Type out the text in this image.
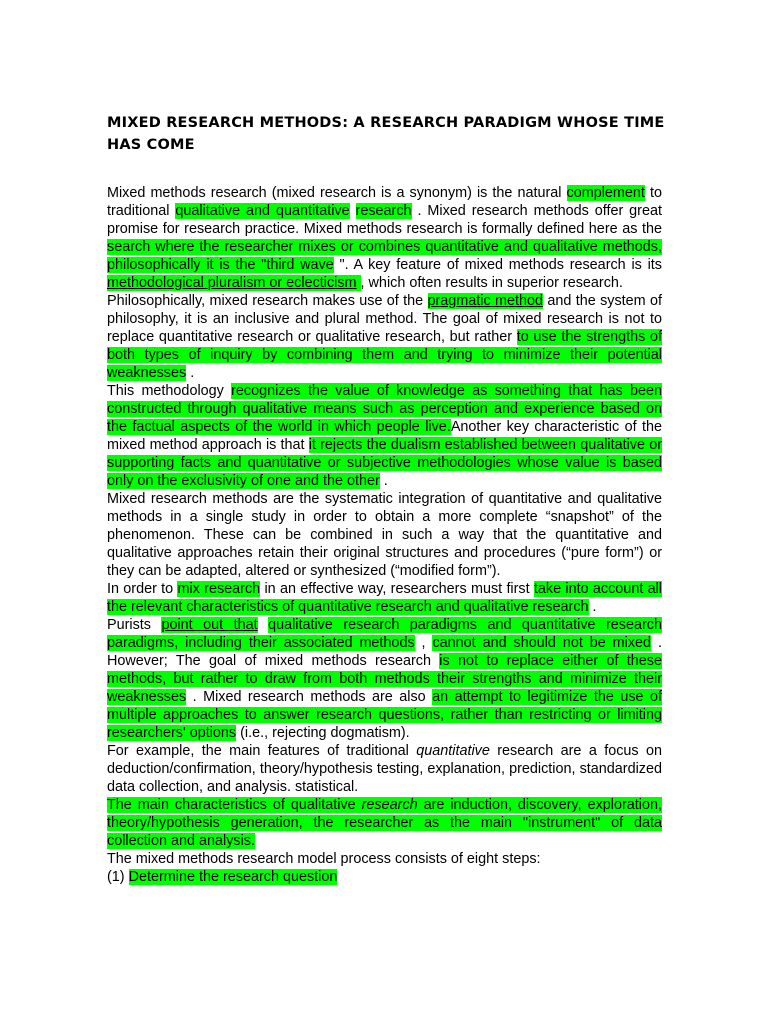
MIXED RESEARCH METHODS: A RESEARCH PARADIGM WHOSE TIME HAS COME

Mixed methods research (mixed research is a synonym) is the natural complement to traditional qualitative and quantitative research . Mixed research methods offer great promise for research practice. Mixed methods research is formally defined here as the search where the researcher mixes or combines quantitative and qualitative methods, philosophically it is the "third wave ". A key feature of mixed methods research is its methodological pluralism or eclecticism , which often results in superior research.

Philosophically, mixed research makes use of the pragmatic method and the system of philosophy, it is an inclusive and plural method. The goal of mixed research is not to replace quantitative research or qualitative research, but rather to use the strengths of both types of inquiry by combining them and trying to minimize their potential weaknesses .

This methodology recognizes the value of knowledge as something that has been constructed through qualitative means such as perception and experience based on the factual aspects of the world in which people live.Another key characteristic of the mixed method approach is that it rejects the dualism established between qualitative or supporting facts and quantitative or subjective methodologies whose value is based only on the exclusivity of one and the other .

Mixed research methods are the systematic integration of quantitative and qualitative methods in a single study in order to obtain a more complete “snapshot” of the phenomenon. These can be combined in such a way that the quantitative and qualitative approaches retain their original structures and procedures (“pure form”) or they can be adapted, altered or synthesized (“modified form”).

In order to mix research in an effective way, researchers must first take into account all the relevant characteristics of quantitative research and qualitative research .

Purists point out that qualitative research paradigms and quantitative research paradigms, including their associated methods , cannot and should not be mixed . However; The goal of mixed methods research is not to replace either of these methods, but rather to draw from both methods their strengths and minimize their weaknesses . Mixed research methods are also an attempt to legitimize the use of multiple approaches to answer research questions, rather than restricting or limiting researchers' options (i.e., rejecting dogmatism).

For example, the main features of traditional quantitative research are a focus on deduction/confirmation, theory/hypothesis testing, explanation, prediction, standardized data collection, and analysis. statistical.

The main characteristics of qualitative research are induction, discovery, exploration, theory/hypothesis generation, the researcher as the main "instrument" of data collection and analysis.

The mixed methods research model process consists of eight steps:

(1) Determine the research question
